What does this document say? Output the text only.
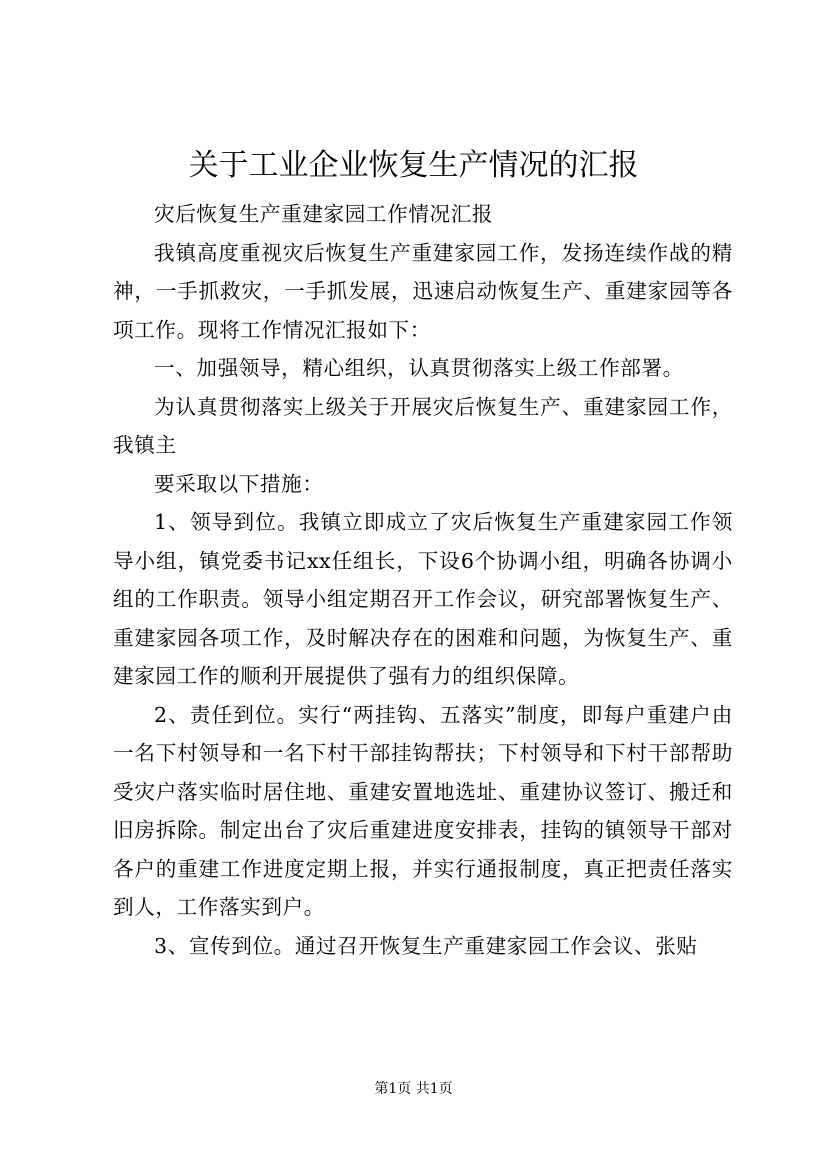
关于工业企业恢复生产情况的汇报

灾后恢复生产重建家园工作情况汇报

我镇高度重视灾后恢复生产重建家园工作，发扬连续作战的精神，一手抓救灾，一手抓发展，迅速启动恢复生产、重建家园等各项工作。现将工作情况汇报如下：

一、加强领导，精心组织，认真贯彻落实上级工作部署。

为认真贯彻落实上级关于开展灾后恢复生产、重建家园工作，我镇主

要采取以下措施：

1、领导到位。我镇立即成立了灾后恢复生产重建家园工作领导小组，镇党委书记xx任组长，下设6个协调小组，明确各协调小组的工作职责。领导小组定期召开工作会议，研究部署恢复生产、重建家园各项工作，及时解决存在的困难和问题，为恢复生产、重建家园工作的顺利开展提供了强有力的组织保障。

2、责任到位。实行“两挂钩、五落实”制度，即每户重建户由一名下村领导和一名下村干部挂钩帮扶；下村领导和下村干部帮助受灾户落实临时居住地、重建安置地选址、重建协议签订、搬迁和旧房拆除。制定出台了灾后重建进度安排表，挂钩的镇领导干部对各户的重建工作进度定期上报，并实行通报制度，真正把责任落实到人，工作落实到户。

3、宣传到位。通过召开恢复生产重建家园工作会议、张贴

第1页 共1页
